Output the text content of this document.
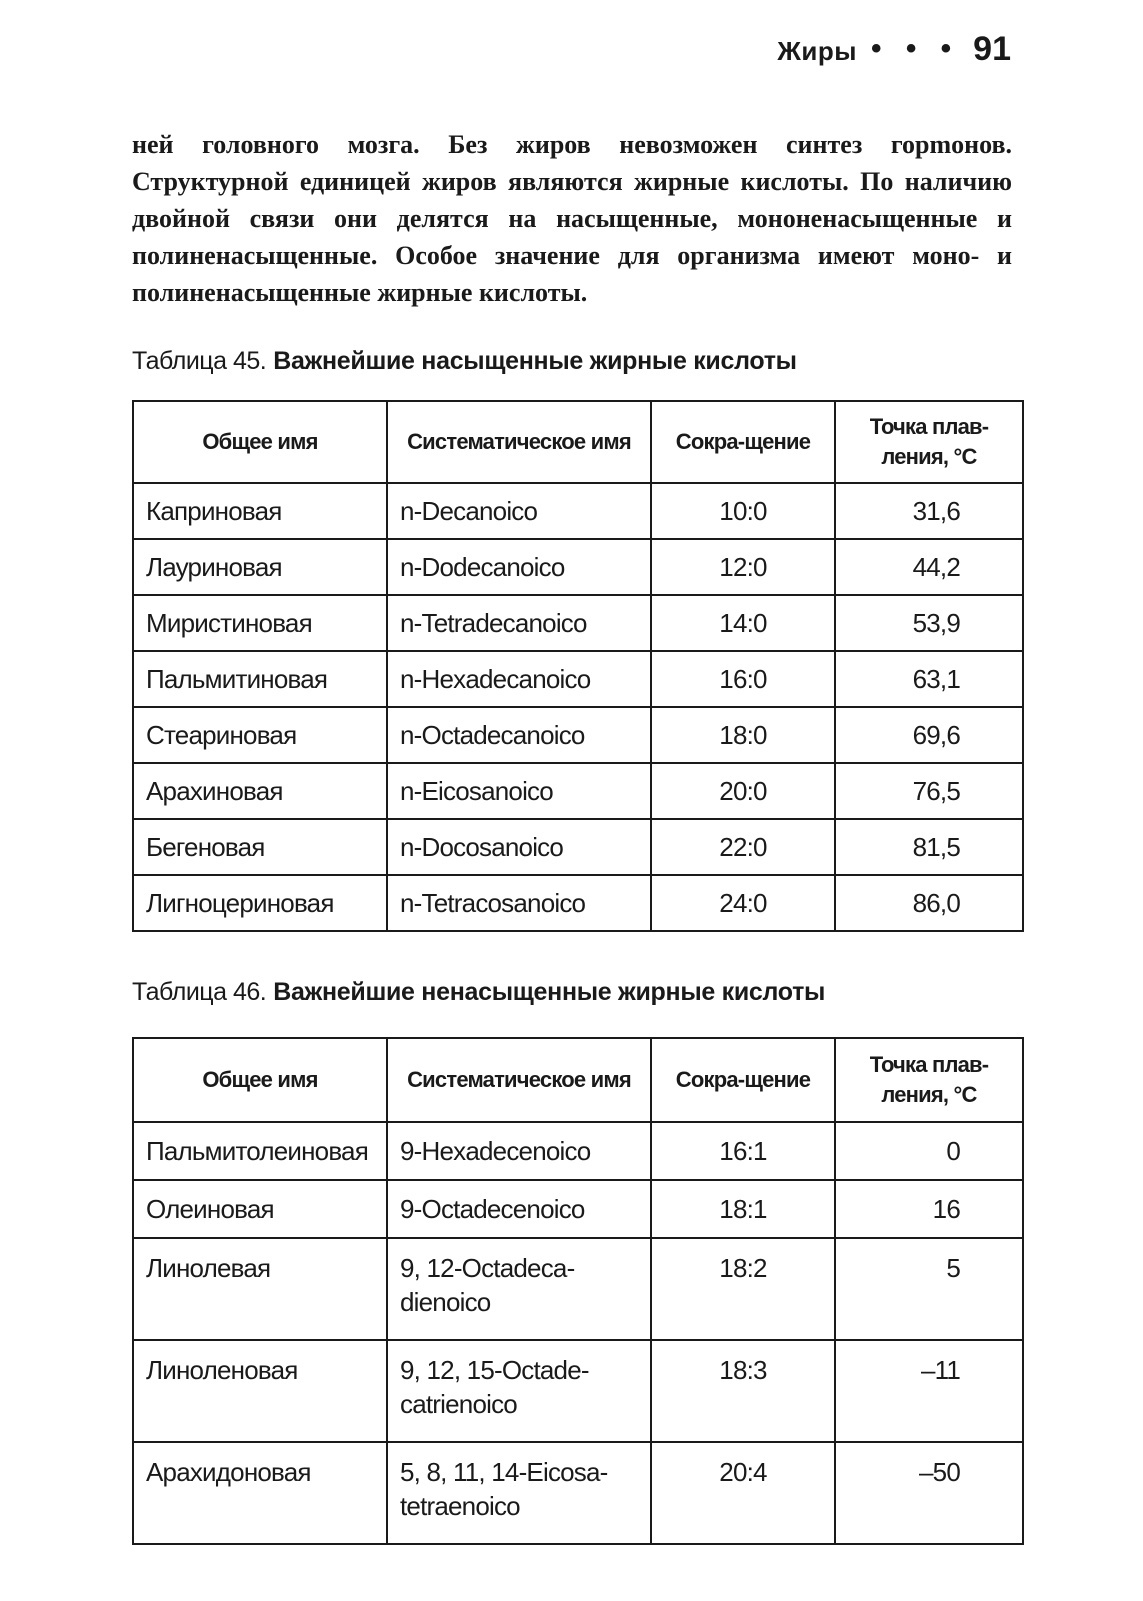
Жиры • • • 91

ней головного мозга. Без жиров невозможен синтез горmонов. Структурной единицей жиров являются жирные кислоты. По наличию двойной связи они делятся на насыщенные, мононенасыщенные и полиненасыщенные. Особое значение для организма имеют моно- и полиненасыщенные жирные кислоты.

Таблица 45. Важнейшие насыщенные жирные кислоты
Общее имя	Систематическое имя	Сокра-щение	Точка плав-ления, °С
Каприновая	n-Decanoico	10:0	31,6
Лауриновая	n-Dodecanoico	12:0	44,2
Миристиновая	n-Tetradecanoico	14:0	53,9
Пальмитиновая	n-Hexadecanoico	16:0	63,1
Стеариновая	n-Octadecanoico	18:0	69,6
Арахиновая	n-Eicosanoico	20:0	76,5
Бегеновая	n-Docosanoico	22:0	81,5
Лигноцериновая	n-Tetracosanoico	24:0	86,0
Таблица 46. Важнейшие ненасыщенные жирные кислоты
Общее имя	Систематическое имя	Сокра-щение	Точка плав-ления, °С
Пальмитолеиновая	9-Hexadecenoico	16:1	0
Олеиновая	9-Octadecenoico	18:1	16
Линолевая	9, 12-Octadeca-dienoico	18:2	5
Линоленовая	9, 12, 15-Octade-catrienoico	18:3	–11
Арахидоновая	5, 8, 11, 14-Eicosa-tetraenoico	20:4	–50
